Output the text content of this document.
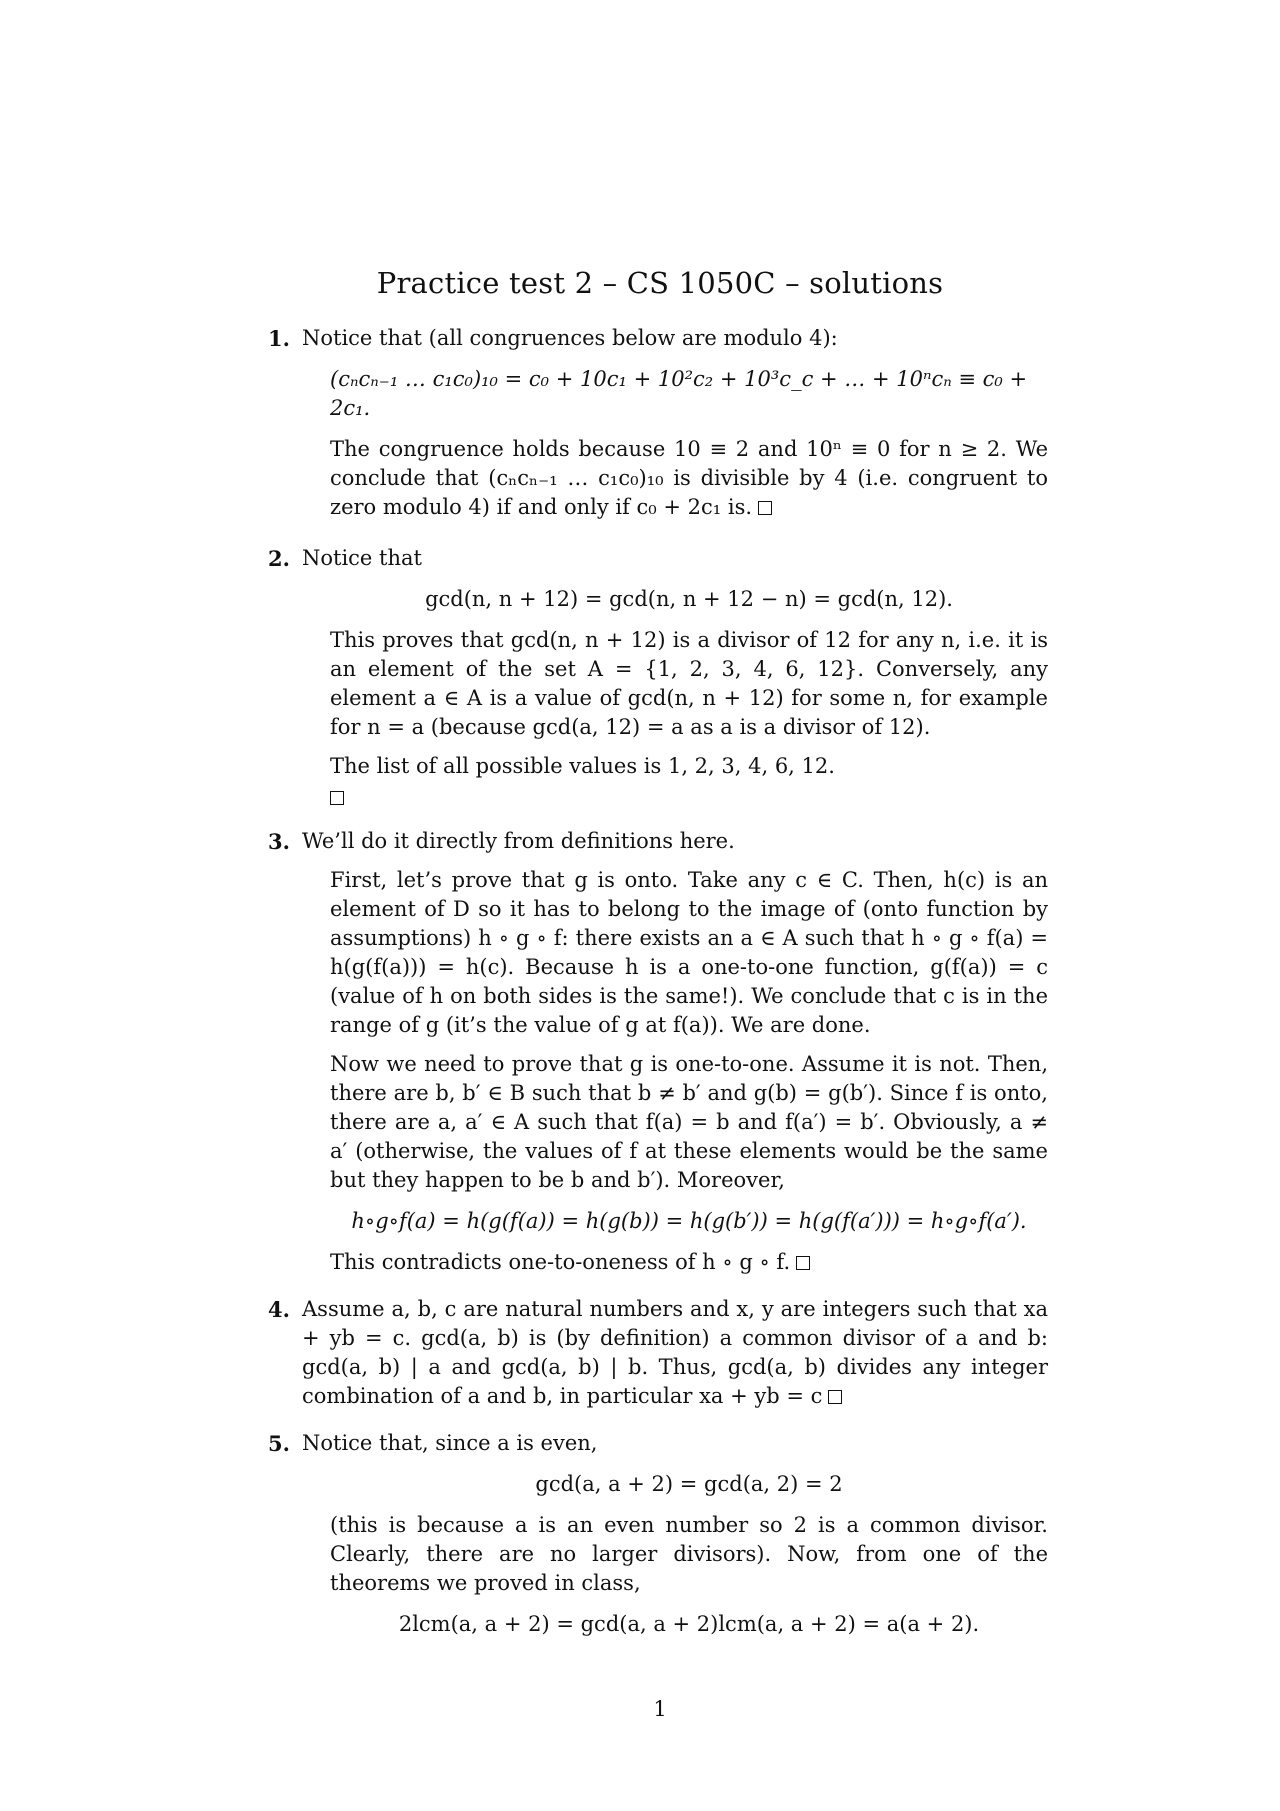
Practice test 2 – CS 1050C – solutions
1. Notice that (all congruences below are modulo 4):
(cₙcₙ₋₁ … c₁c₀)₁₀ = c₀ + 10c₁ + 10²c₂ + 10³c_c + … + 10ⁿcₙ ≡ c₀ + 2c₁.

The congruence holds because 10 ≡ 2 and 10ⁿ ≡ 0 for n ≥ 2. We conclude that (cₙcₙ₋₁ … c₁c₀)₁₀ is divisible by 4 (i.e. congruent to zero modulo 4) if and only if c₀ + 2c₁ is.

2. Notice that
gcd(n, n + 12) = gcd(n, n + 12 − n) = gcd(n, 12).

This proves that gcd(n, n + 12) is a divisor of 12 for any n, i.e. it is an element of the set A = {1, 2, 3, 4, 6, 12}. Conversely, any element a ∈ A is a value of gcd(n, n + 12) for some n, for example for n = a (because gcd(a, 12) = a as a is a divisor of 12).

The list of all possible values is 1, 2, 3, 4, 6, 12.

3. We’ll do it directly from definitions here.

First, let’s prove that g is onto. Take any c ∈ C. Then, h(c) is an element of D so it has to belong to the image of (onto function by assumptions) h ∘ g ∘ f: there exists an a ∈ A such that h ∘ g ∘ f(a) = h(g(f(a))) = h(c). Because h is a one-to-one function, g(f(a)) = c (value of h on both sides is the same!). We conclude that c is in the range of g (it’s the value of g at f(a)). We are done.

Now we need to prove that g is one-to-one. Assume it is not. Then, there are b, b′ ∈ B such that b ≠ b′ and g(b) = g(b′). Since f is onto, there are a, a′ ∈ A such that f(a) = b and f(a′) = b′. Obviously, a ≠ a′ (otherwise, the values of f at these elements would be the same but they happen to be b and b′). Moreover,

h∘g∘f(a) = h(g(f(a)) = h(g(b)) = h(g(b′)) = h(g(f(a′))) = h∘g∘f(a′).

This contradicts one-to-oneness of h ∘ g ∘ f.

4. Assume a, b, c are natural numbers and x, y are integers such that xa + yb = c. gcd(a, b) is (by definition) a common divisor of a and b: gcd(a, b) | a and gcd(a, b) | b. Thus, gcd(a, b) divides any integer combination of a and b, in particular xa + yb = c
5. Notice that, since a is even,
gcd(a, a + 2) = gcd(a, 2) = 2

(this is because a is an even number so 2 is a common divisor. Clearly, there are no larger divisors). Now, from one of the theorems we proved in class,

2lcm(a, a + 2) = gcd(a, a + 2)lcm(a, a + 2) = a(a + 2).
1
